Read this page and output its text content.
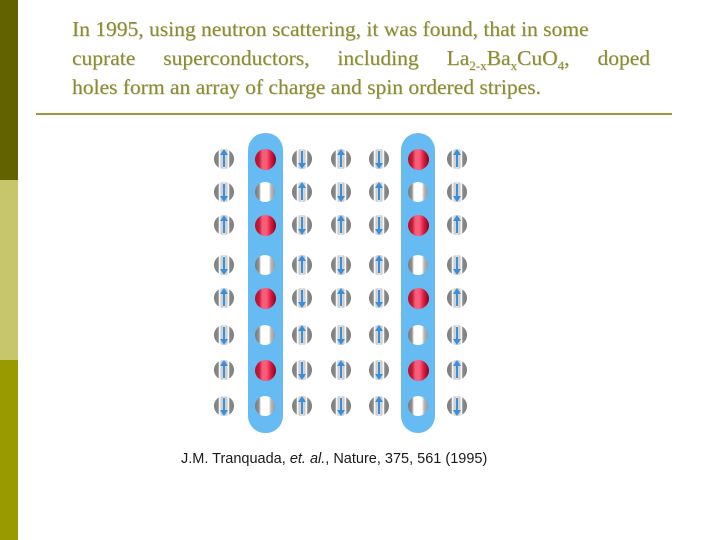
In 1995, using neutron scattering, it was found, that in some
cuprate superconductors, including $La_{2-x}Ba_xCuO_4$, doped
holes form an array of charge and spin ordered stripes.
J.M. Tranquada, et. al., Nature, 375, 561 (1995)
